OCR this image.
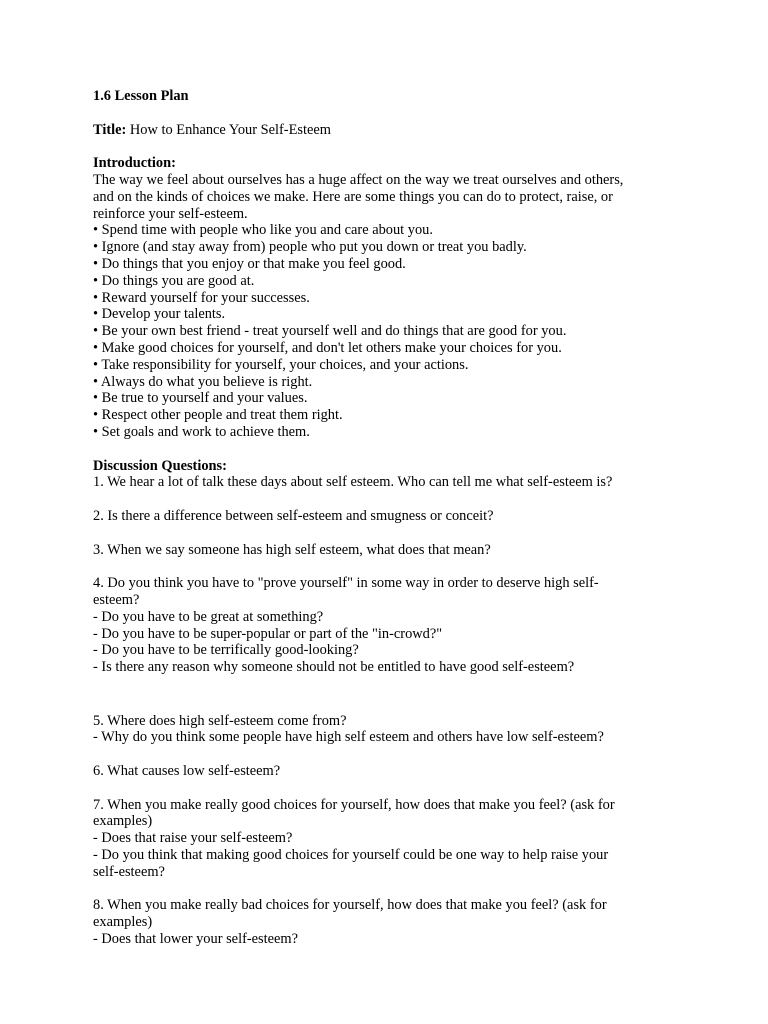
1.6 Lesson Plan
Title: How to Enhance Your Self-Esteem
Introduction:
The way we feel about ourselves has a huge affect on the way we treat ourselves and others,
and on the kinds of choices we make. Here are some things you can do to protect, raise, or
reinforce your self-esteem.
• Spend time with people who like you and care about you.
• Ignore (and stay away from) people who put you down or treat you badly.
• Do things that you enjoy or that make you feel good.
• Do things you are good at.
• Reward yourself for your successes.
• Develop your talents.
• Be your own best friend - treat yourself well and do things that are good for you.
• Make good choices for yourself, and don't let others make your choices for you.
• Take responsibility for yourself, your choices, and your actions.
• Always do what you believe is right.
• Be true to yourself and your values.
• Respect other people and treat them right.
• Set goals and work to achieve them.
Discussion Questions:
1. We hear a lot of talk these days about self esteem. Who can tell me what self-esteem is?
2. Is there a difference between self-esteem and smugness or conceit?
3. When we say someone has high self esteem, what does that mean?
4. Do you think you have to "prove yourself" in some way in order to deserve high self-
esteem?
- Do you have to be great at something?
- Do you have to be super-popular or part of the "in-crowd?"
- Do you have to be terrifically good-looking?
- Is there any reason why someone should not be entitled to have good self-esteem?
5. Where does high self-esteem come from?
- Why do you think some people have high self esteem and others have low self-esteem?
6. What causes low self-esteem?
7. When you make really good choices for yourself, how does that make you feel? (ask for
examples)
- Does that raise your self-esteem?
- Do you think that making good choices for yourself could be one way to help raise your
self-esteem?
8. When you make really bad choices for yourself, how does that make you feel? (ask for
examples)
- Does that lower your self-esteem?
